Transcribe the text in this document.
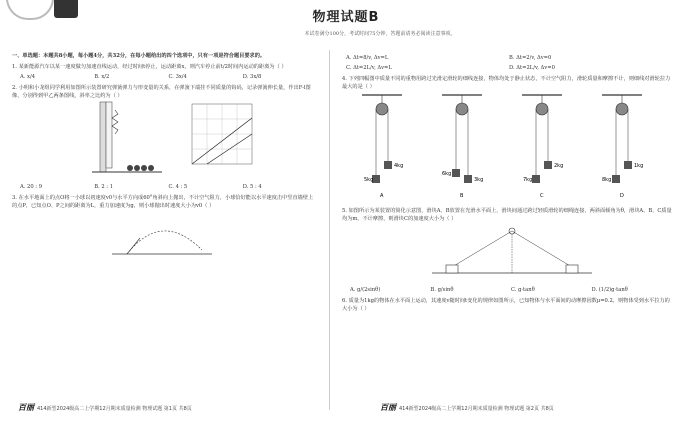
物理试题B
本试卷满分100分，考试时间75分钟，答题前请务必阅读注意事项。
一、单选题：本题共8小题，每小题4分，共32分，在每小题给出的四个选项中，只有一项是符合题目要求的。
1. 某新能源汽车以某一速度做匀加速直线运动，经过时间t停止，运动距离x，则汽车停止前t/2时间内运动的距离为（ ）
A. x/4	B. x/2	C. 3x/4	D. 3x/8
2. 小明和小龙组同学利用如图所示装置研究弹簧弹力与形变量的关系，在弹簧下端挂不同质量的钩码，记录弹簧伸长量，作出F-l图像，分别得到甲乙两条图线，斜率之比约为（ ）
A. 20 : 9	B. 2 : 1	C. 4 : 5	D. 5 : 4
3. 在水平地面上的点O将一小球以初速度v0与水平方向成60°角斜向上抛出，不计空气阻力，小球恰好能以水平速度击中竖直墙壁上的点P，已知点O、P之间的距离为L，重力加速度为g，则小球抛出时速度大小为v0（ ）
A. Δt=8/v, Δv=L	B. Δt=2/v, Δv=0
C. Δt=2L/v, Δv=L	D. Δt=2L/v, Δv=0
4. 下列四幅图中质量不同的重物用跨过光滑定滑轮的细线连接，物体均处于静止状态，不计空气阻力，滑轮质量和摩擦不计，则细线对滑轮拉力最大的是（ ）
5kg
4kg
A
6kg
3kg
B
7kg
2kg
C
8kg
1kg
D
5. 如图所示为某装置的简化示意图，滑块A、B放置在光滑水平面上，滑块间通过跨过轻质滑轮的细绳连接，两斜面倾角为θ，滑块A、B、C质量均为m，不计摩擦，则滑块C的加速度大小为（ ）
A. g/(2sinθ)	B. g/sinθ	C. g·tanθ	D. (1/2)g·tanθ
6. 质量为1kg的物体在水平面上运动，其速度v随时间t变化的规律如图所示，已知物体与水平面间的动摩擦因数μ=0.2，则物体受到水平拉力的大小为（ ）
百丽 414新型2024级高二上学期12月期末质量检测 物理试题 第1页 共8页	百丽 414新型2024级高二上学期12月期末质量检测 物理试题 第2页 共8页
